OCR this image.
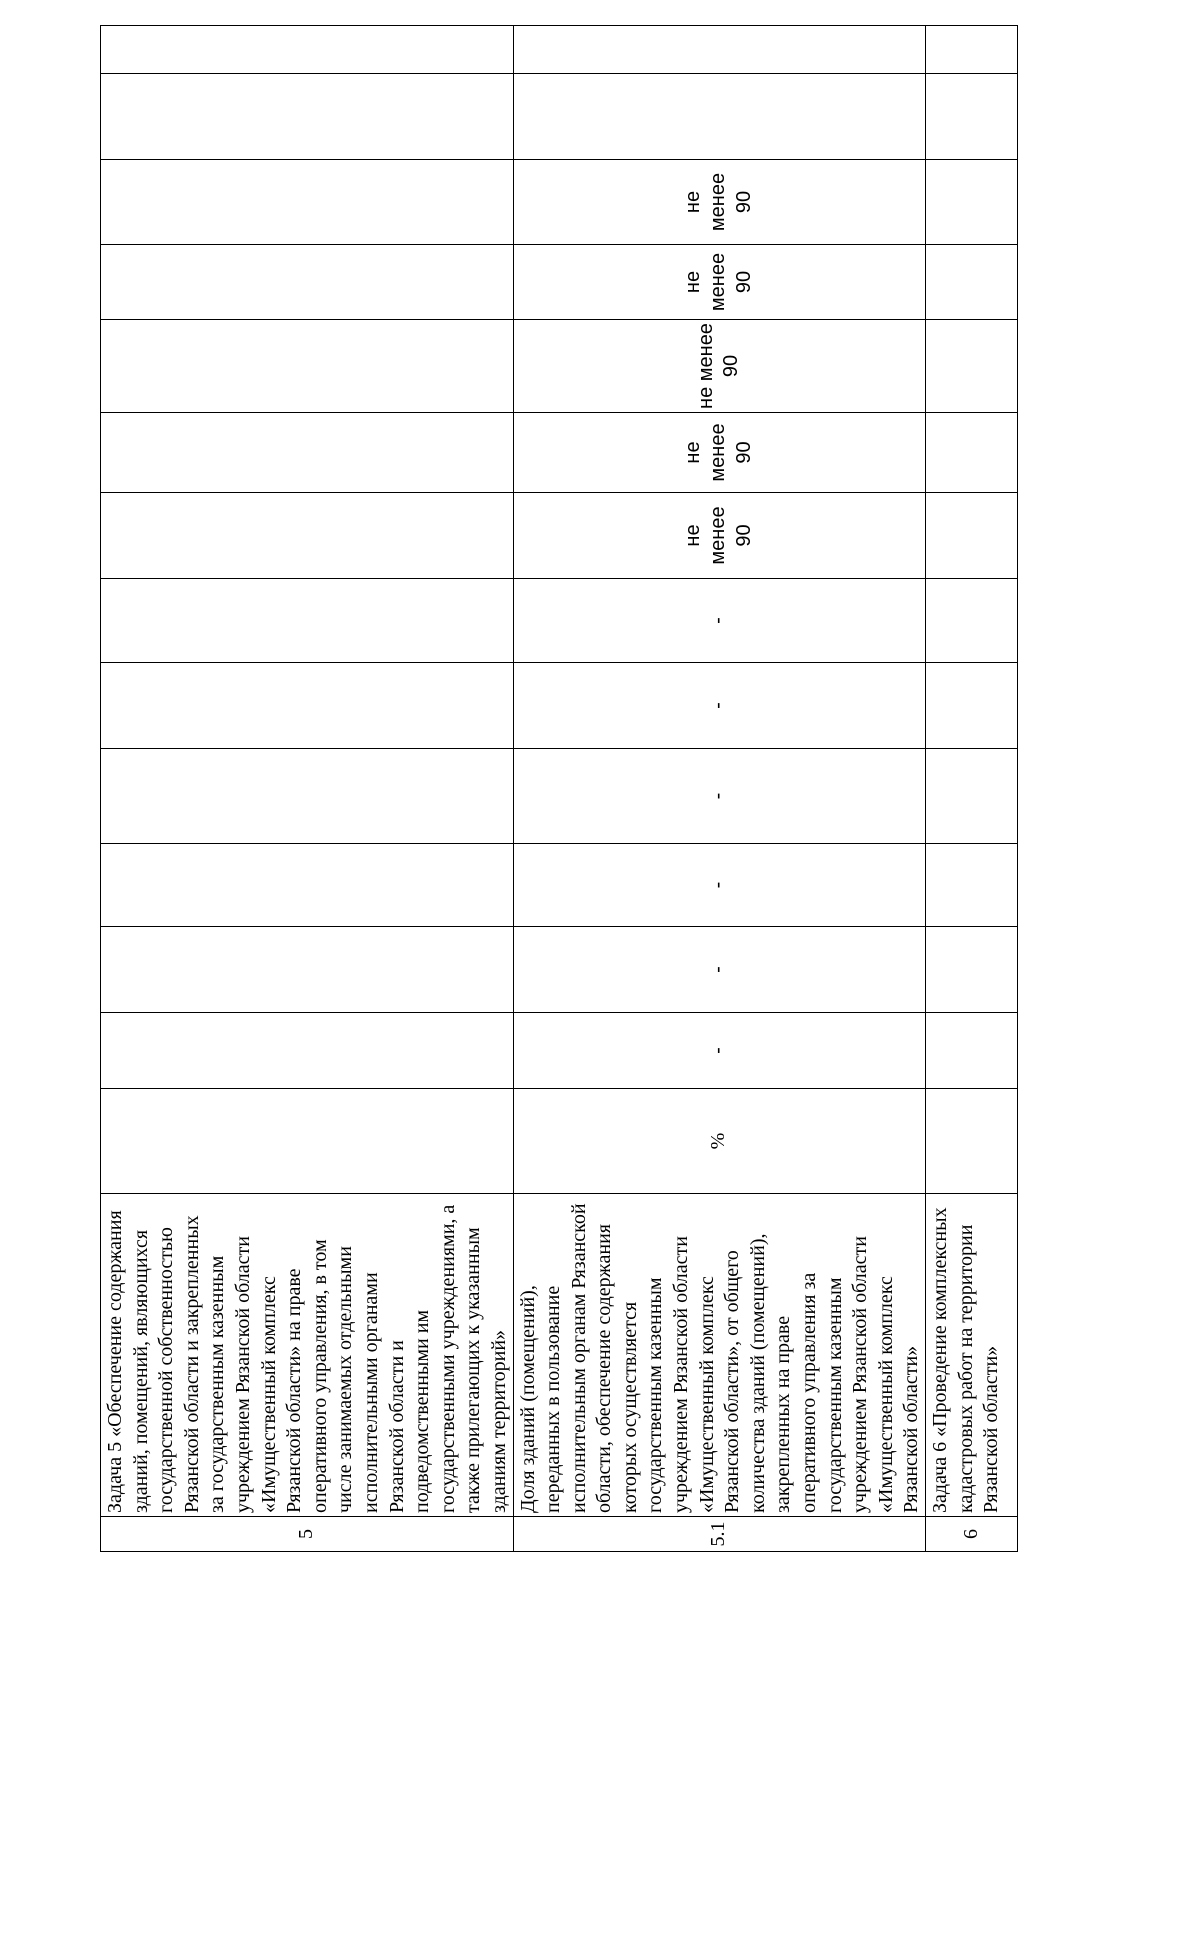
5	Задача 5 «Обеспечение содержания зданий, помещений, являющихся государственной собственностью Рязанской области и закрепленных за государственным казенным учреждением Рязанской области «Имущественный комплекс Рязанской области» на праве оперативного управления, в том числе занимаемых отдельными исполнительными органами Рязанской области и подведомственными им государственными учреждениями, а также прилегающих к указанным зданиям территорий»														
5.1	Доля зданий (помещений), переданных в пользование исполнительным органам Рязанской области, обеспечение содержания которых осуществляется государственным казенным учреждением Рязанской области «Имущественный комплекс Рязанской области», от общего количества зданий (помещений), закрепленных на праве оперативного управления за государственным казенным учреждением Рязанской области «Имущественный комплекс Рязанской области»	%	-	-	-	-	-	-	не менее 90	не менее 90	не менее 90	не менее 90	не менее 90		
6	Задача 6 «Проведение комплексных кадастровых работ на территории Рязанской области»														
